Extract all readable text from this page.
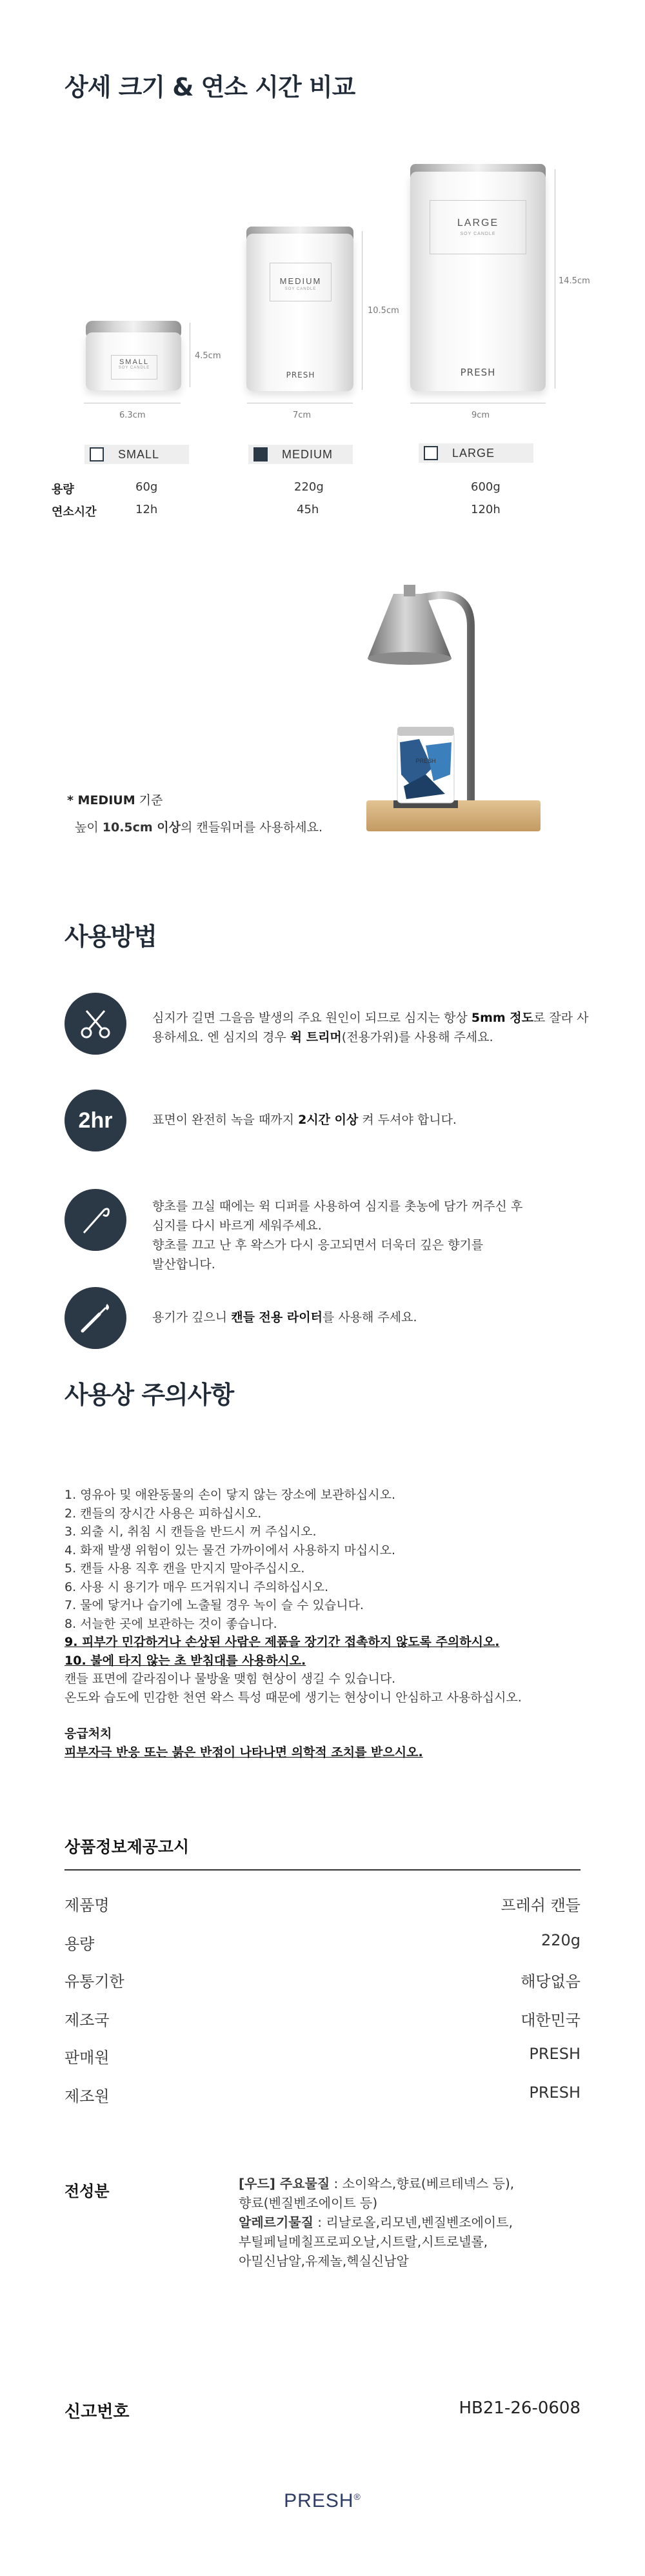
상세 크기 & 연소 시간 비교
SMALL
SOY CANDLE
4.5cm
6.3cm
MEDIUM
SOY CANDLE
PRESH
10.5cm
7cm
LARGE
SOY CANDLE
PRESH
14.5cm
9cm
SMALL	MEDIUM	LARGE
용량	60g	220g	600g
연소시간	12h	45h	120h
PRESH
* MEDIUM 기준
높이 10.5cm 이상의 캔들워머를 사용하세요.
사용방법
심지가 길면 그을음 발생의 주요 원인이 되므로 심지는 항상 5mm 정도로 잘라 사용하세요. 엔 심지의 경우 윅 트리머(전용가위)를 사용해 주세요.
2hr	표면이 완전히 녹을 때까지 2시간 이상 켜 두셔야 합니다.
향초를 끄실 때에는 윅 디퍼를 사용하여 심지를 촛농에 담가 꺼주신 후
심지를 다시 바르게 세워주세요.
향초를 끄고 난 후 왁스가 다시 응고되면서 더욱더 깊은 향기를
발산합니다.
용기가 깊으니 캔들 전용 라이터를 사용해 주세요.
사용상 주의사항
1. 영유아 및 애완동물의 손이 닿지 않는 장소에 보관하십시오.
2. 캔들의 장시간 사용은 피하십시오.
3. 외출 시, 취침 시 캔들을 반드시 꺼 주십시오.
4. 화재 발생 위험이 있는 물건 가까이에서 사용하지 마십시오.
5. 캔들 사용 직후 캔을 만지지 말아주십시오.
6. 사용 시 용기가 매우 뜨거워지니 주의하십시오.
7. 물에 닿거나 습기에 노출될 경우 녹이 슬 수 있습니다.
8. 서늘한 곳에 보관하는 것이 좋습니다.
9. 피부가 민감하거나 손상된 사람은 제품을 장기간 접촉하지 않도록 주의하시오.
10. 불에 타지 않는 초 받침대를 사용하시오.
캔들 표면에 갈라짐이나 물방울 맺힘 현상이 생길 수 있습니다.
온도와 습도에 민감한 천연 왁스 특성 때문에 생기는 현상이니 안심하고 사용하십시오.
응급처치
피부자극 반응 또는 붉은 반점이 나타나면 의학적 조치를 받으시오.
상품정보제공고시
제품명	프레쉬 캔들
용량	220g
유통기한	해당없음
제조국	대한민국
판매원	PRESH
제조원	PRESH
전성분	[우드] 주요물질 : 소이왁스,향료(베르테넥스 등),
향료(벤질벤조에이트 등)
알레르기물질 : 리날로올,리모넨,벤질벤조에이트,
부틸페닐메칠프로피오날,시트랄,시트로넬롤,
아밀신남알,유제놀,헥실신남알
신고번호	HB21-26-0608
PRESH®
